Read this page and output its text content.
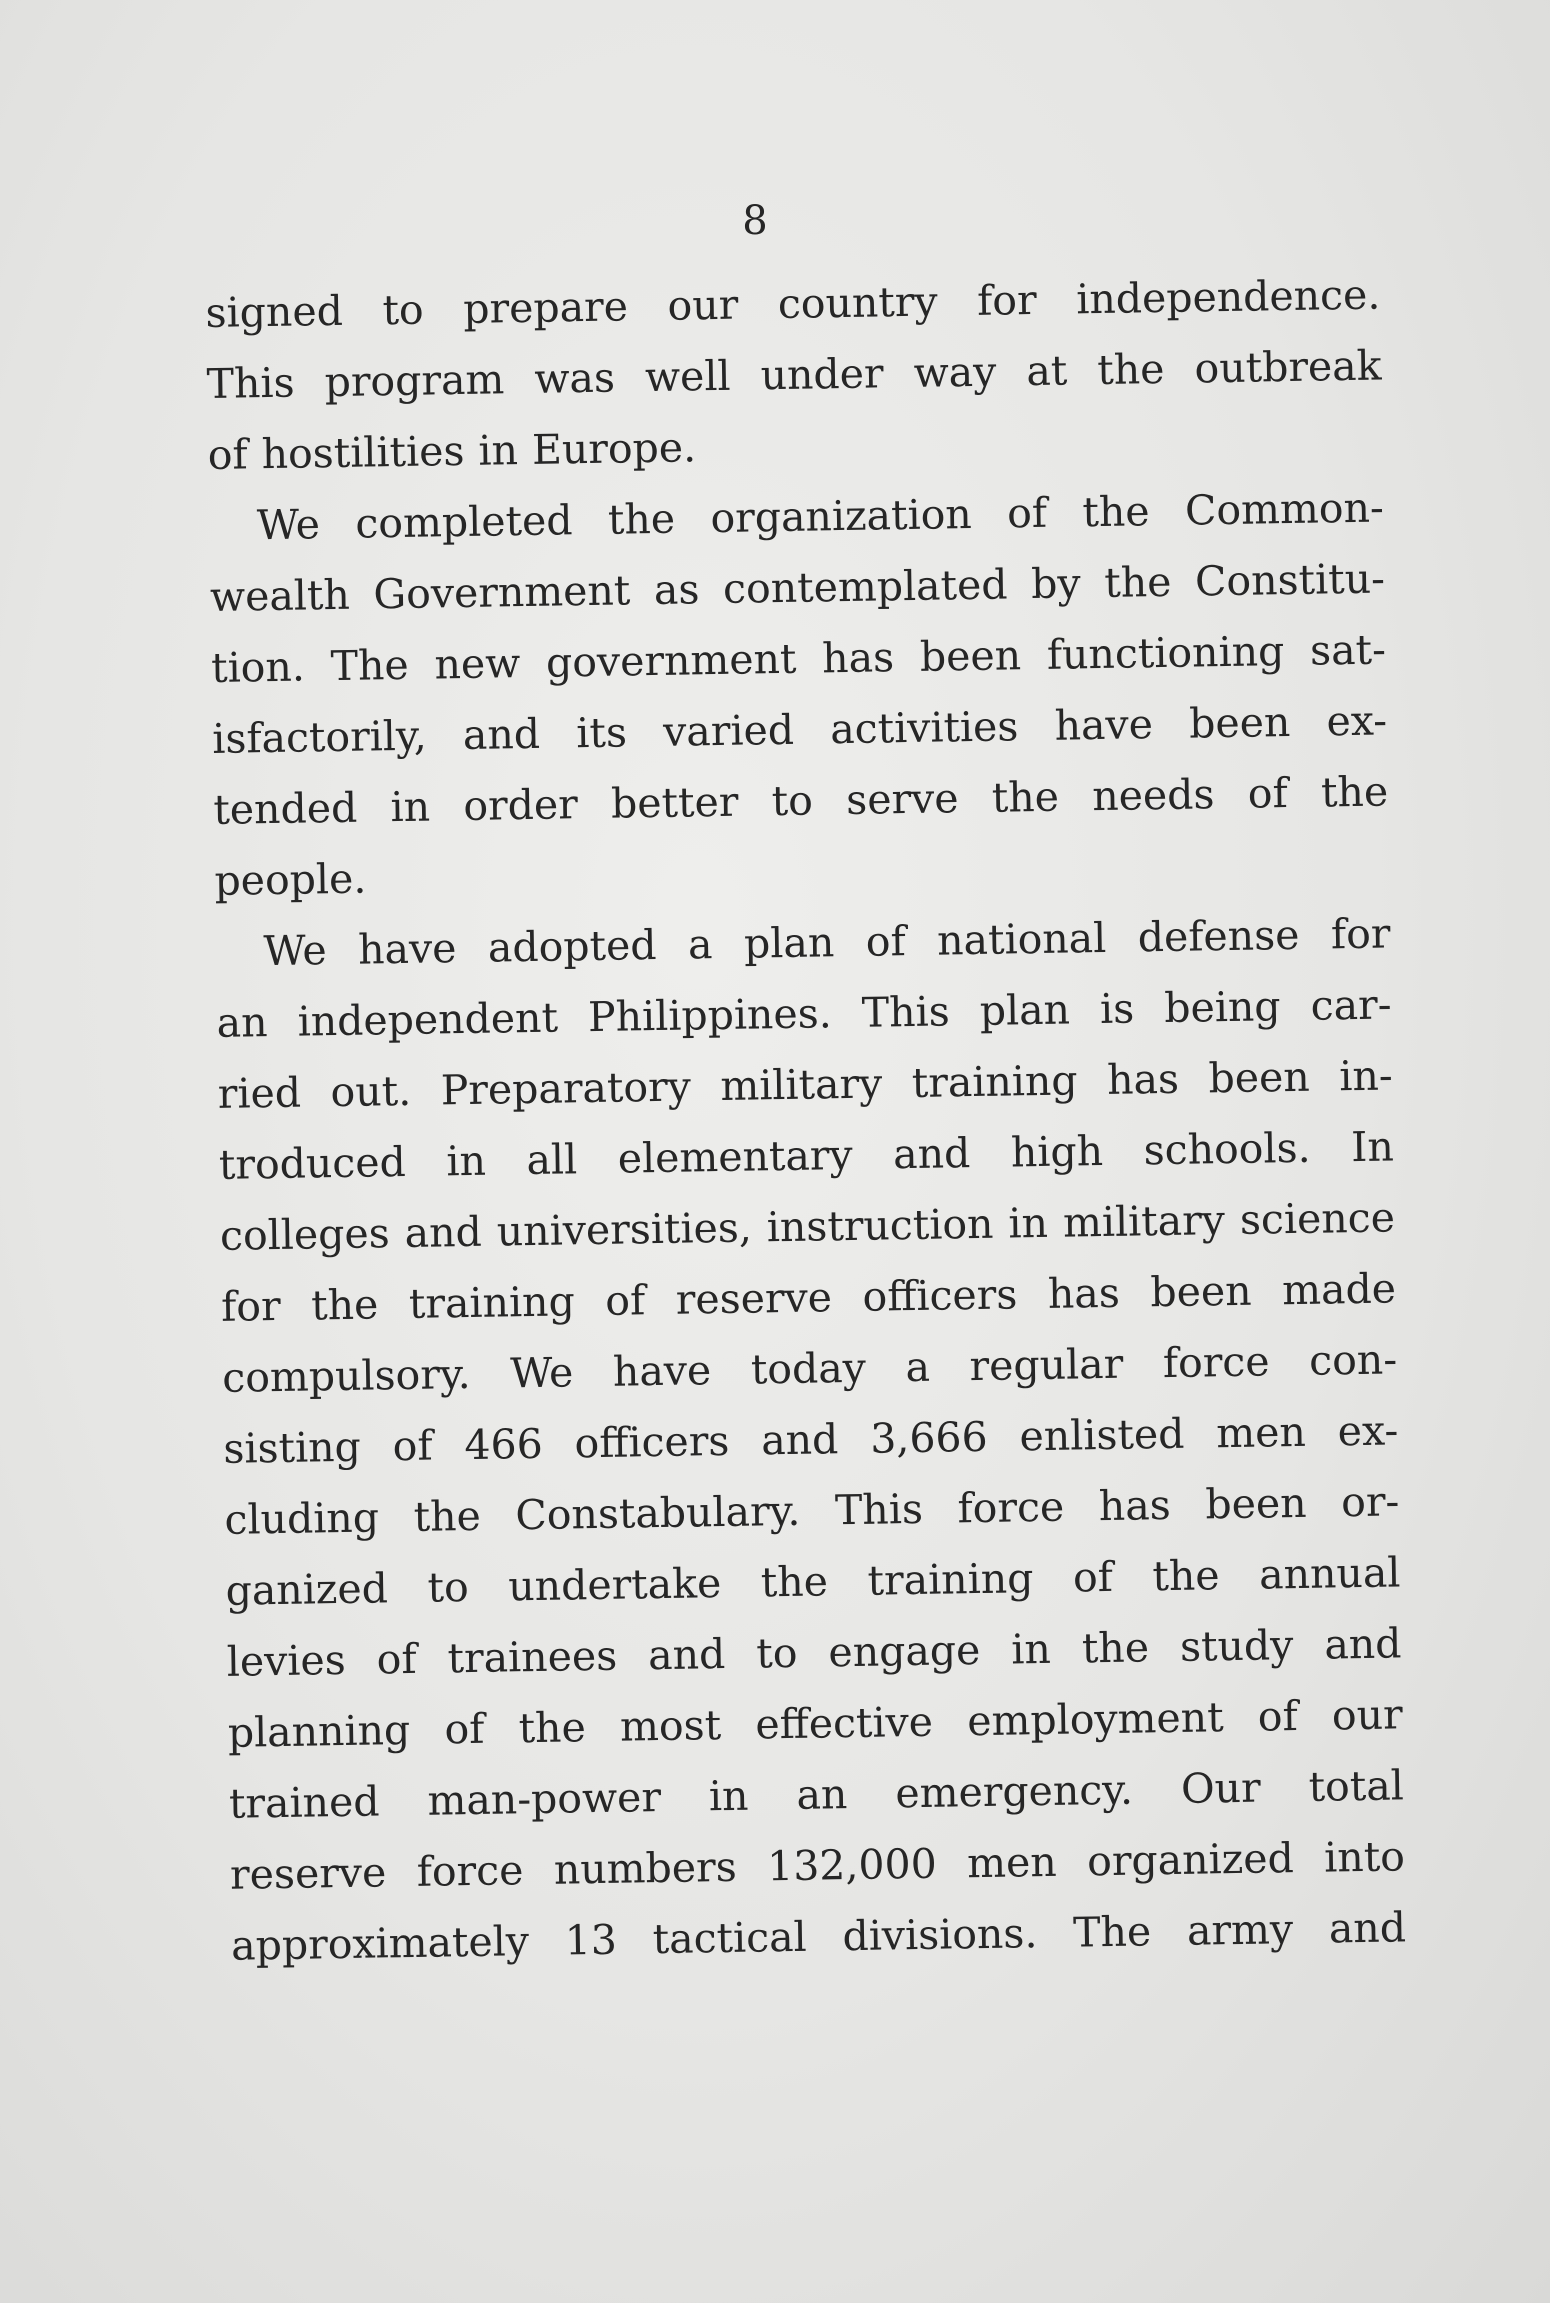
8

signed to prepare our country for independence.
This program was well under way at the outbreak
of hostilities in Europe.
We completed the organization of the Common-
wealth Government as contemplated by the Constitu-
tion. The new government has been functioning sat-
isfactorily, and its varied activities have been ex-
tended in order better to serve the needs of the
people.
We have adopted a plan of national defense for
an independent Philippines. This plan is being car-
ried out. Preparatory military training has been in-
troduced in all elementary and high schools. In
colleges and universities, instruction in military science
for the training of reserve officers has been made
compulsory. We have today a regular force con-
sisting of 466 officers and 3,666 enlisted men ex-
cluding the Constabulary. This force has been or-
ganized to undertake the training of the annual
levies of trainees and to engage in the study and
planning of the most effective employment of our
trained man-power in an emergency. Our total
reserve force numbers 132,000 men organized into
approximately 13 tactical divisions. The army and
